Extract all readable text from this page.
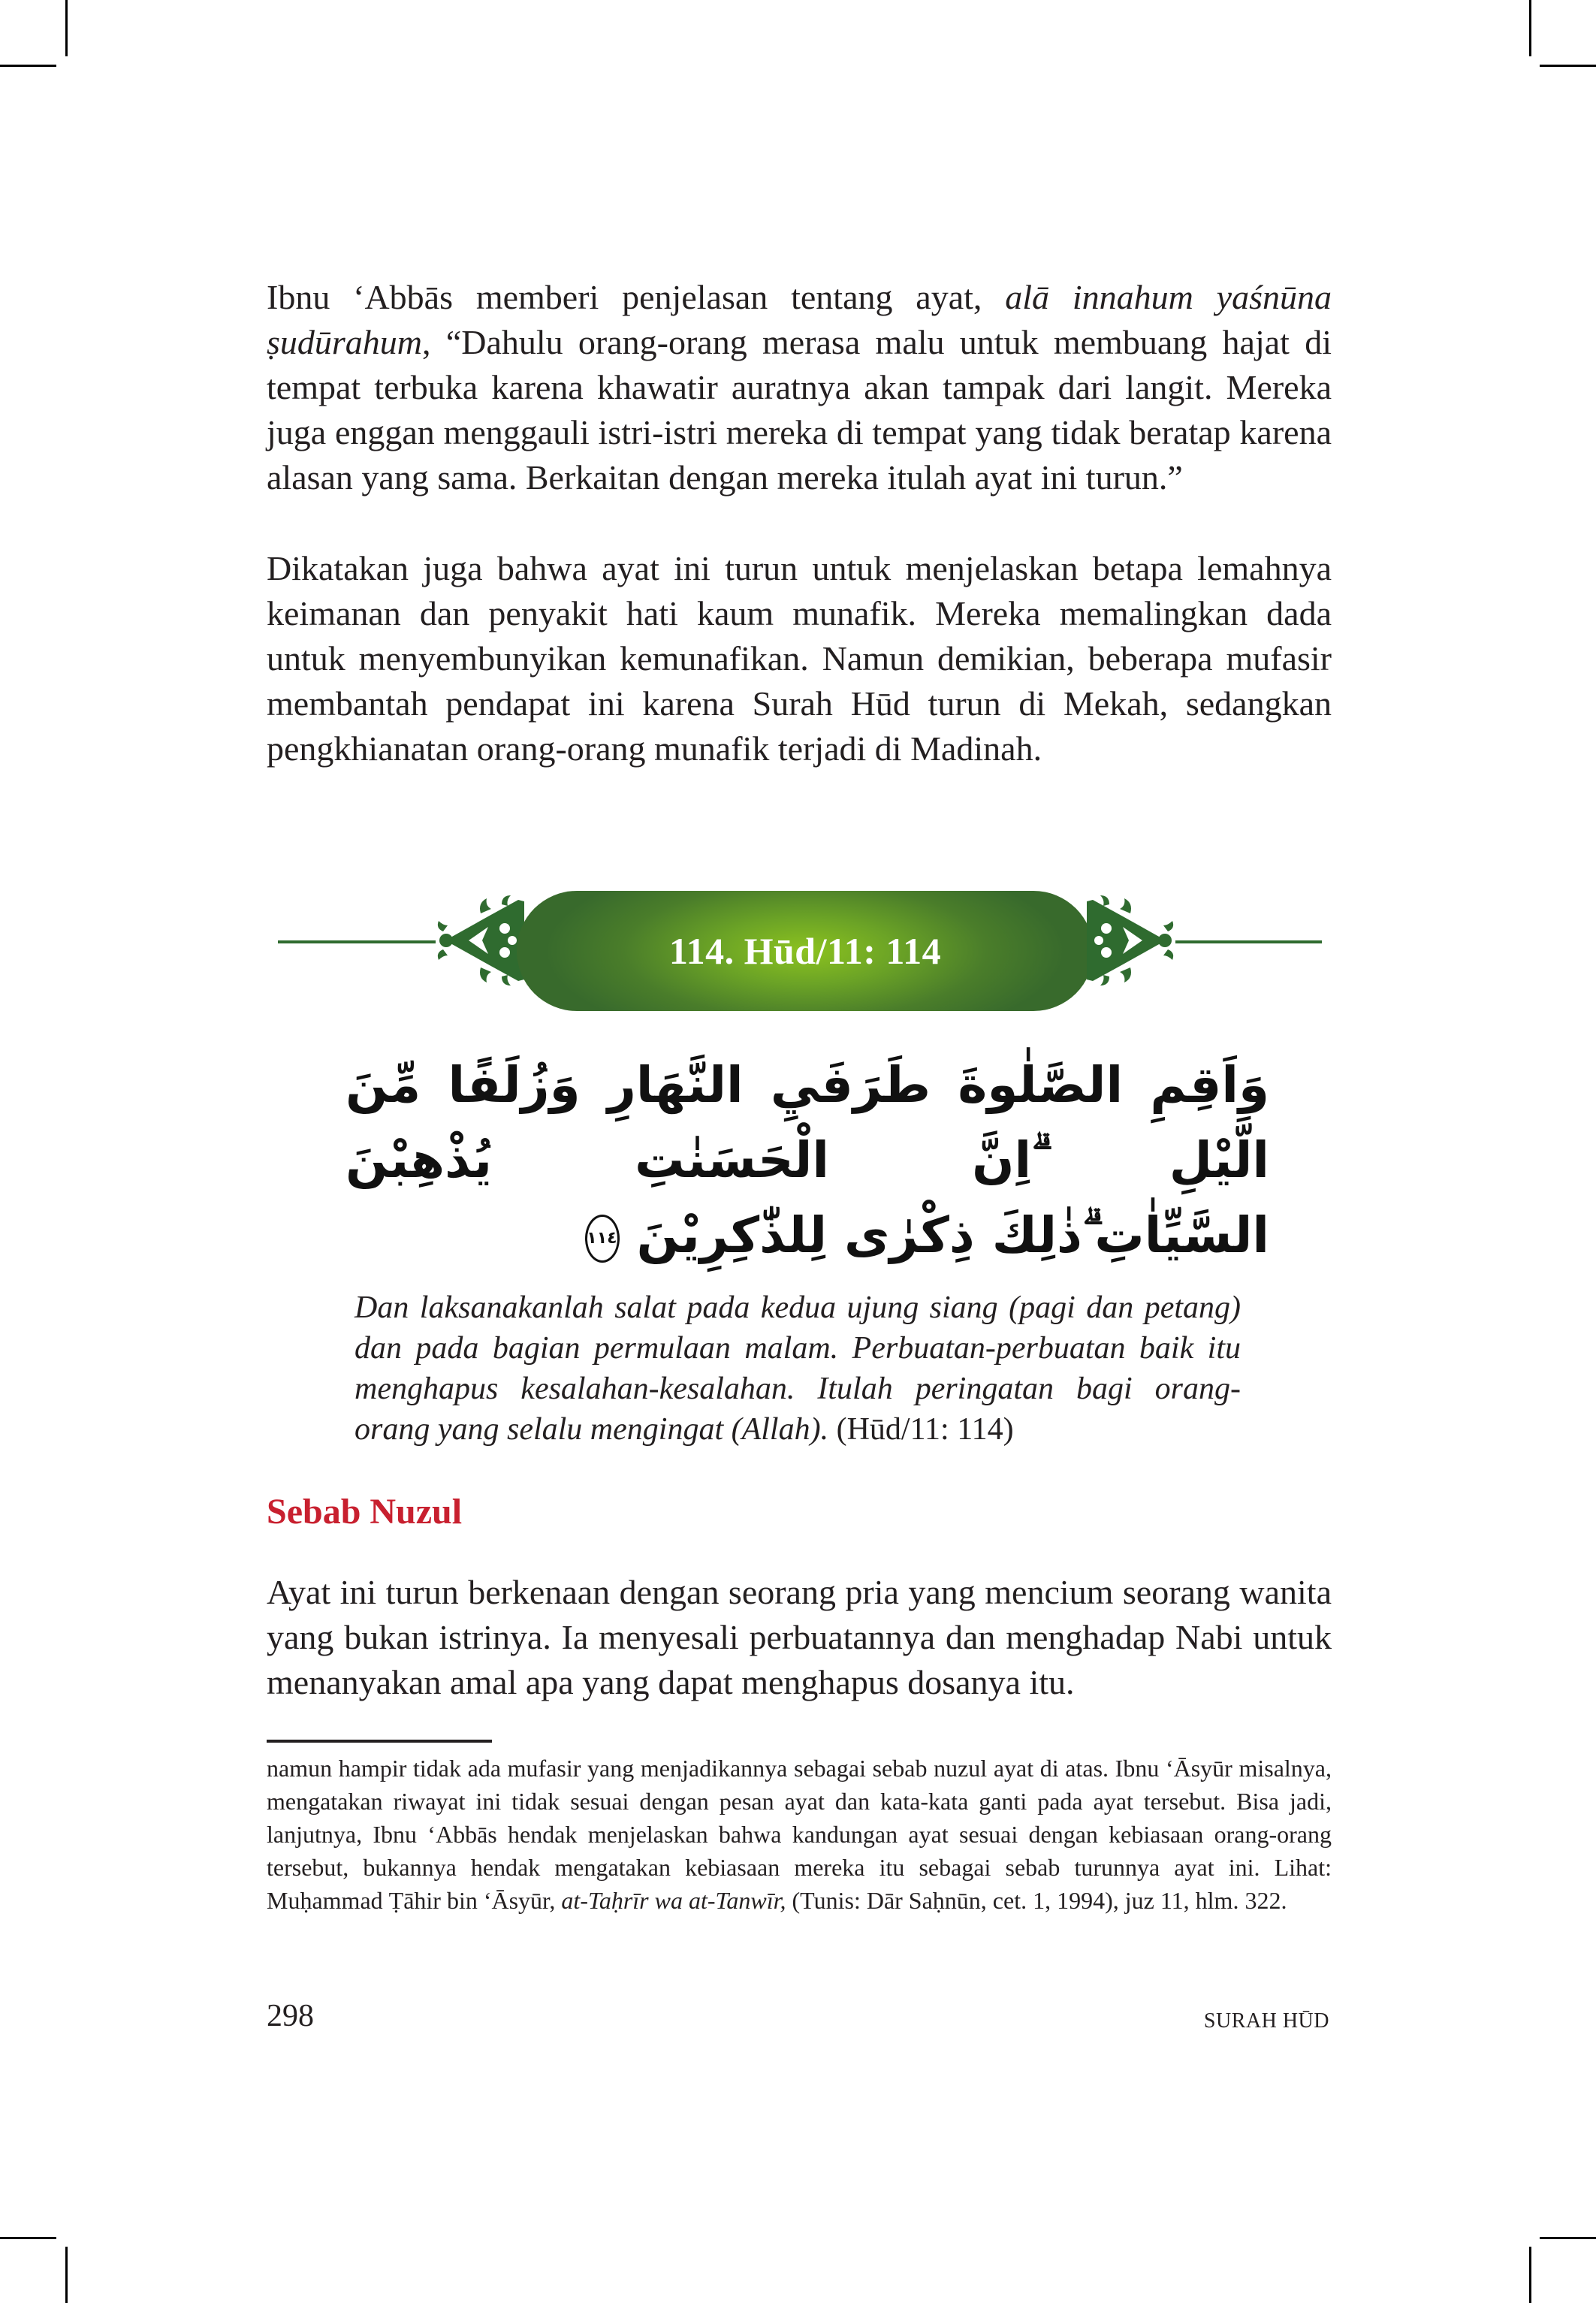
Ibnu ‘Abbās memberi penjelasan tentang ayat, alā innahum yaśnūna ṣudūrahum, “Dahulu orang-orang merasa malu untuk membuang hajat di tempat terbuka karena khawatir auratnya akan tampak dari langit. Mereka juga enggan menggauli istri-istri mereka di tempat yang tidak beratap karena alasan yang sama. Berkaitan dengan mereka itulah ayat ini turun.”

Dikatakan juga bahwa ayat ini turun untuk menjelaskan betapa lemahnya keimanan dan penyakit hati kaum munafik. Mereka memalingkan dada untuk menyembunyikan kemunafikan. Namun demikian, beberapa mufasir membantah pendapat ini karena Surah Hūd turun di Mekah, sedangkan pengkhianatan orang-orang munafik terjadi di Madinah.

114. Hūd/11: 114
وَاَقِمِ الصَّلٰوةَ طَرَفَيِ النَّهَارِ وَزُلَفًا مِّنَ الَّيْلِ ۗاِنَّ الْحَسَنٰتِ يُذْهِبْنَ
السَّيِّاٰتِ ۗذٰلِكَ ذِكْرٰى لِلذّٰكِرِيْنَ ١١٤

Dan laksanakanlah salat pada kedua ujung siang (pagi dan petang) dan pada bagian permulaan malam. Perbuatan-perbuatan baik itu menghapus kesalahan-kesalahan. Itulah peringatan bagi orang-orang yang selalu mengingat (Allah). (Hūd/11: 114)

Sebab Nuzul

Ayat ini turun berkenaan dengan seorang pria yang mencium seorang wanita yang bukan istrinya. Ia menyesali perbuatannya dan menghadap Nabi untuk menanyakan amal apa yang dapat menghapus dosanya itu.

namun hampir tidak ada mufasir yang menjadikannya sebagai sebab nuzul ayat di atas. Ibnu ‘Āsyūr misalnya, mengatakan riwayat ini tidak sesuai dengan pesan ayat dan kata-kata ganti pada ayat tersebut. Bisa jadi, lanjutnya, Ibnu ‘Abbās hendak menjelaskan bahwa kandungan ayat sesuai dengan kebiasaan orang-orang tersebut, bukannya hendak mengatakan kebiasaan mereka itu sebagai sebab turunnya ayat ini. Lihat: Muḥammad Ṭāhir bin ‘Āsyūr, at-Taḥrīr wa at-Tanwīr, (Tunis: Dār Saḥnūn, cet. 1, 1994), juz 11, hlm. 322.

298	SURAH HŪD
